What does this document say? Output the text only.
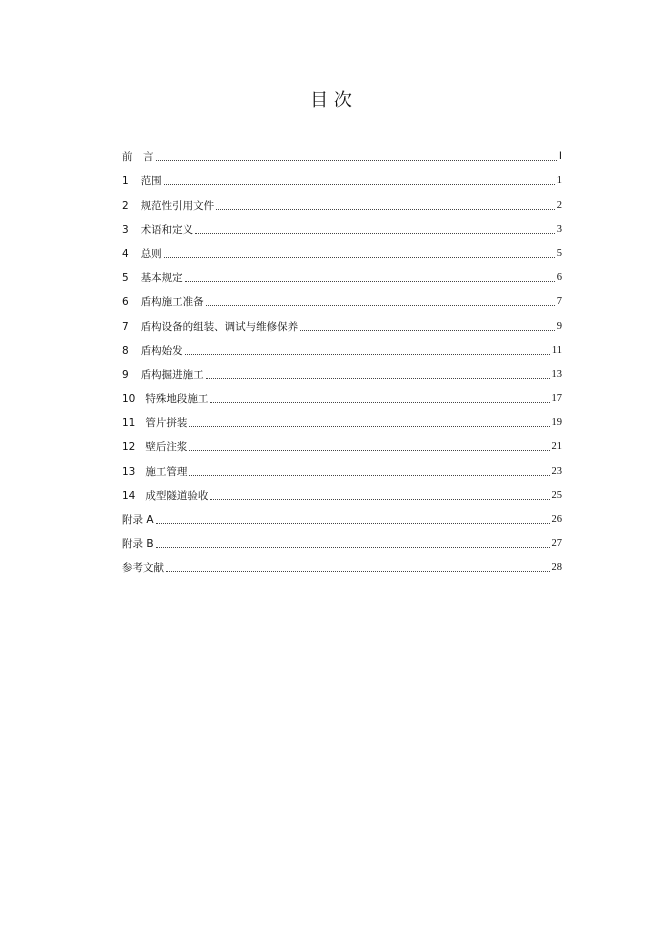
目 次
前　言	Ⅰ
1 范围	1
2 规范性引用文件	2
3 术语和定义	3
4 总则	5
5 基本规定	6
6 盾构施工准备	7
7 盾构设备的组装、调试与维修保养	9
8 盾构始发	11
9 盾构掘进施工	13
10 特殊地段施工	17
11 管片拼装	19
12 壁后注浆	21
13 施工管理	23
14 成型隧道验收	25
附录 A	26
附录 B	27
参考文献	28
